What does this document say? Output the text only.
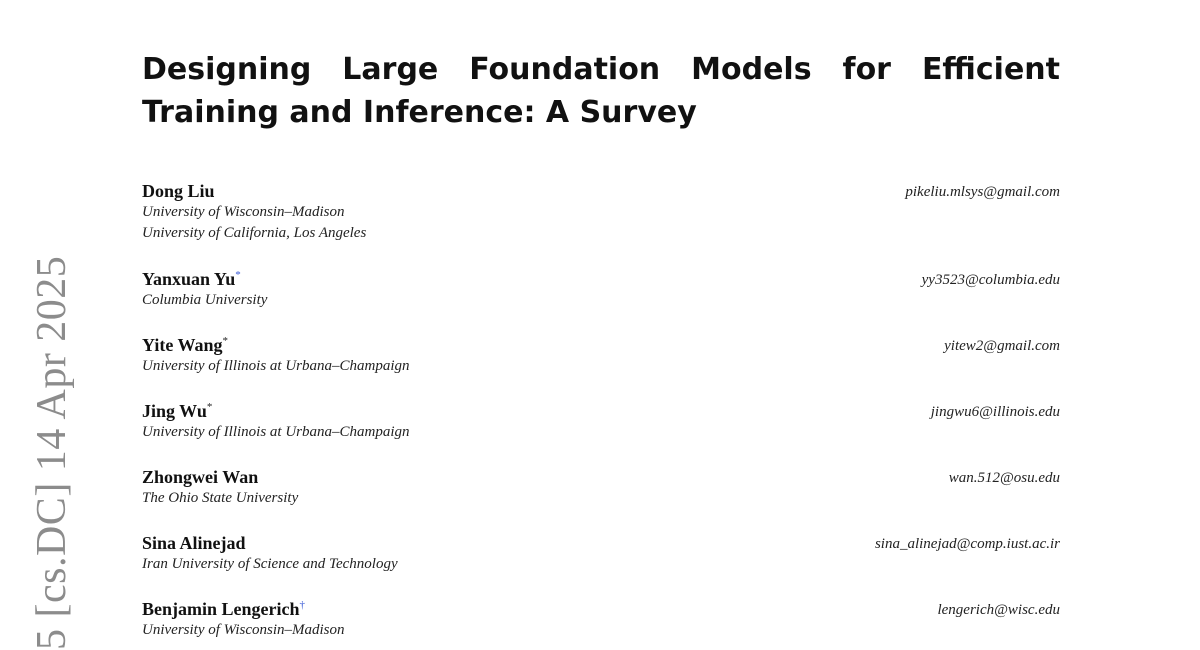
5 [cs.DC] 14 Apr 2025
Designing Large Foundation Models for Efficient Training and Inference: A Survey
Dong Liu
University of Wisconsin–Madison
University of California, Los Angeles
pikeliu.mlsys@gmail.com
Yanxuan Yu*
Columbia University
yy3523@columbia.edu
Yite Wang*
University of Illinois at Urbana–Champaign
yitew2@gmail.com
Jing Wu*
University of Illinois at Urbana–Champaign
jingwu6@illinois.edu
Zhongwei Wan
The Ohio State University
wan.512@osu.edu
Sina Alinejad
Iran University of Science and Technology
sina_alinejad@comp.iust.ac.ir
Benjamin Lengerich†
University of Wisconsin–Madison
lengerich@wisc.edu
